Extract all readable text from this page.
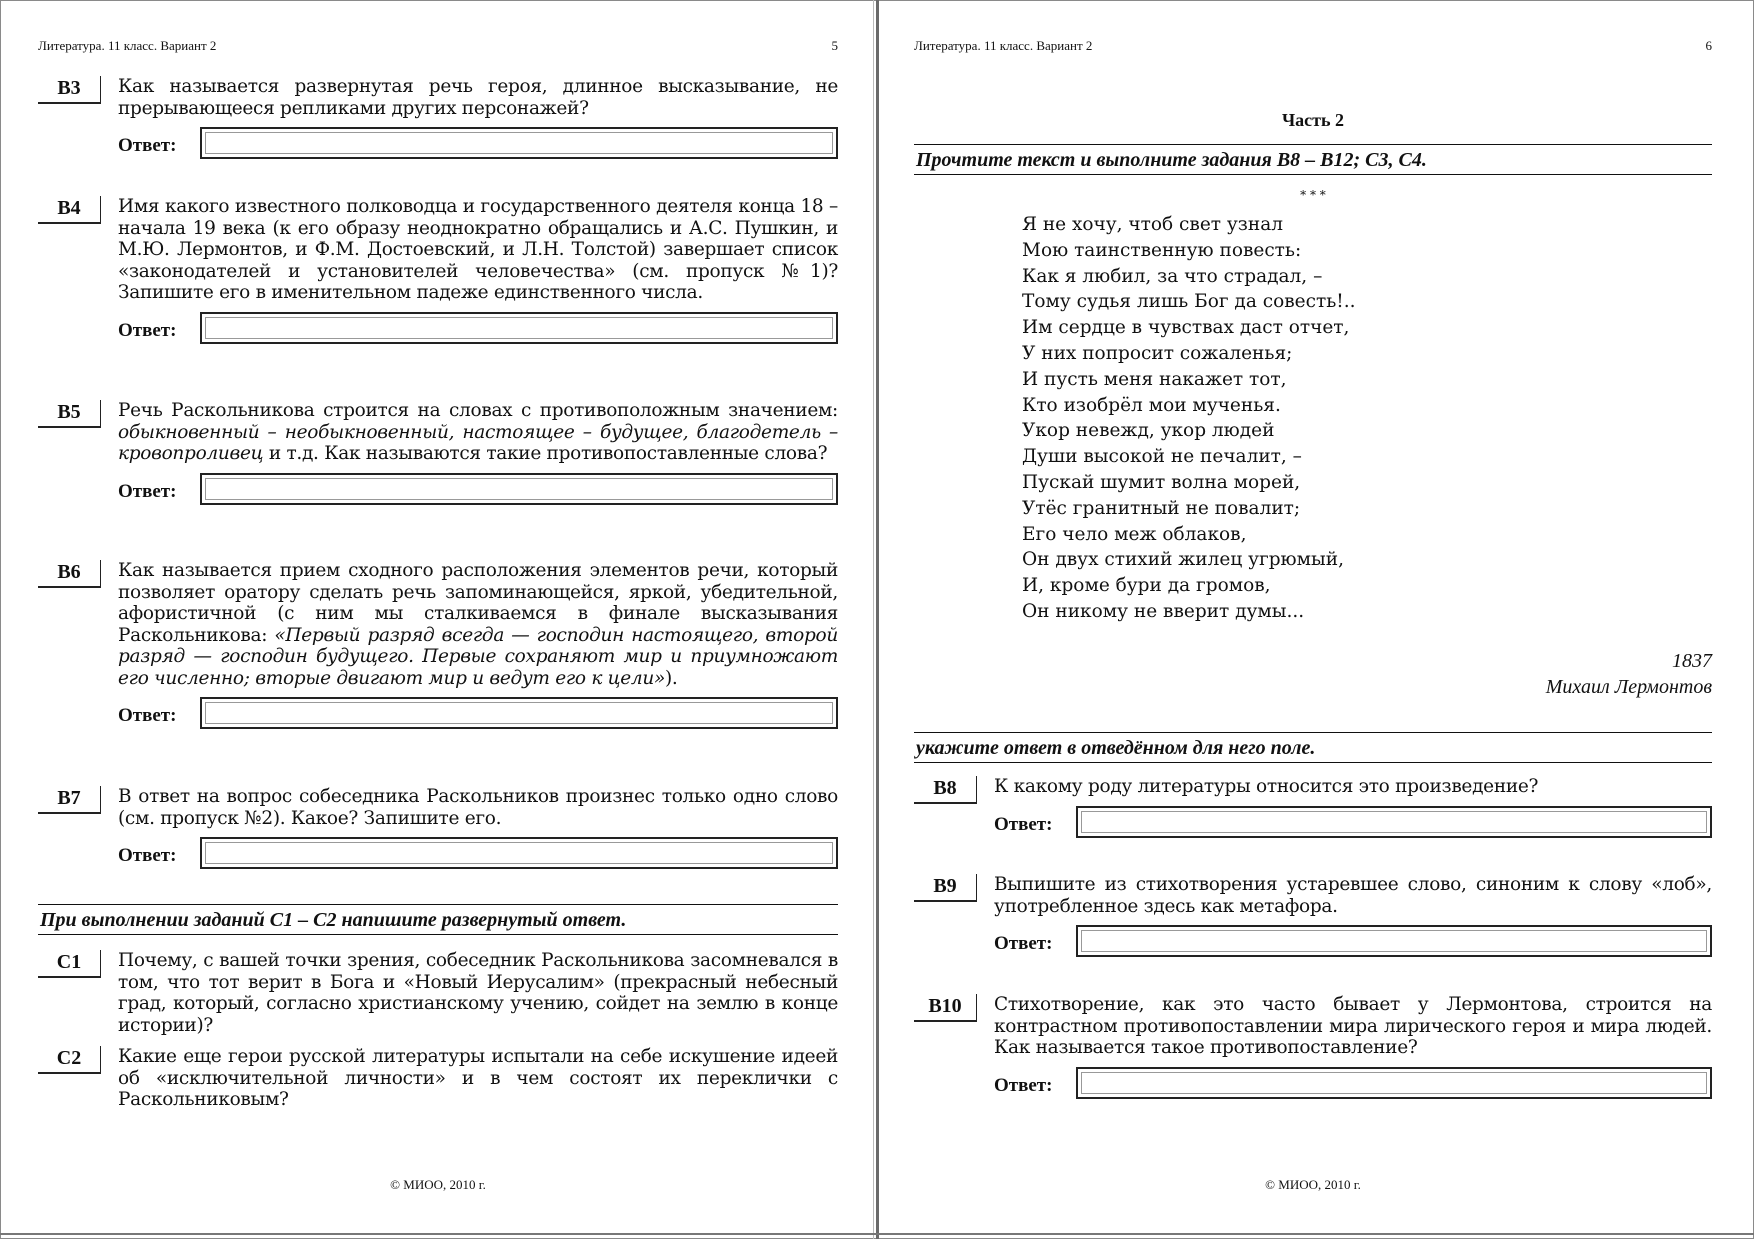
Литература. 11 класс. Вариант 2	5
B3	Как называется развернутая речь героя, длинное высказывание, не прерывающееся репликами других персонажей?
Ответ:
B4	Имя какого известного полководца и государственного деятеля конца 18 – начала 19 века (к его образу неоднократно обращались и А.С. Пушкин, и М.Ю. Лермонтов, и Ф.М. Достоевский, и Л.Н. Толстой) завершает список «законодателей и установителей человечества» (см. пропуск №1)? Запишите его в именительном падеже единственного числа.
Ответ:
B5	Речь Раскольникова строится на словах с противоположным значением: обыкновенный – необыкновенный, настоящее – будущее, благодетель – кровопроливец и т.д. Как называются такие противопоставленные слова?
Ответ:
B6	Как называется прием сходного расположения элементов речи, который позволяет оратору сделать речь запоминающейся, яркой, убедительной, афористичной (с ним мы сталкиваемся в финале высказывания Раскольникова: «Первый разряд всегда — господин настоящего, второй разряд — господин будущего. Первые сохраняют мир и приумножают его численно; вторые двигают мир и ведут его к цели»).
Ответ:
B7	В ответ на вопрос собеседника Раскольников произнес только одно слово (см. пропуск №2). Какое? Запишите его.
Ответ:
При выполнении заданий С1 – С2 напишите развернутый ответ.
C1	Почему, с вашей точки зрения, собеседник Раскольникова засомневался в том, что тот верит в Бога и «Новый Иерусалим» (прекрасный небесный град, который, согласно христианскому учению, сойдет на землю в конце истории)?
C2	Какие еще герои русской литературы испытали на себе искушение идеей об «исключительной личности» и в чем состоят их переклички с Раскольниковым?
© МИОО, 2010 г.
Литература. 11 класс. Вариант 2	6
Часть 2
Прочтите текст и выполните задания В8 – В12; С3, С4.
* * *
Я не хочу, чтоб свет узнал
Мою таинственную повесть:
Как я любил, за что страдал, –
Тому судья лишь Бог да совесть!..
Им сердце в чувствах даст отчет,
У них попросит сожаленья;
И пусть меня накажет тот,
Кто изобрёл мои мученья.
Укор невежд, укор людей
Души высокой не печалит, –
Пускай шумит волна морей,
Утёс гранитный не повалит;
Его чело меж облаков,
Он двух стихий жилец угрюмый,
И, кроме бури да громов,
Он никому не вверит думы...
1837
Михаил Лермонтов
укажите ответ в отведённом для него поле.
B8	К какому роду литературы относится это произведение?
Ответ:
B9	Выпишите из стихотворения устаревшее слово, синоним к слову «лоб», употребленное здесь как метафора.
Ответ:
B10	Стихотворение, как это часто бывает у Лермонтова, строится на контрастном противопоставлении мира лирического героя и мира людей. Как называется такое противопоставление?
Ответ:
© МИОО, 2010 г.
